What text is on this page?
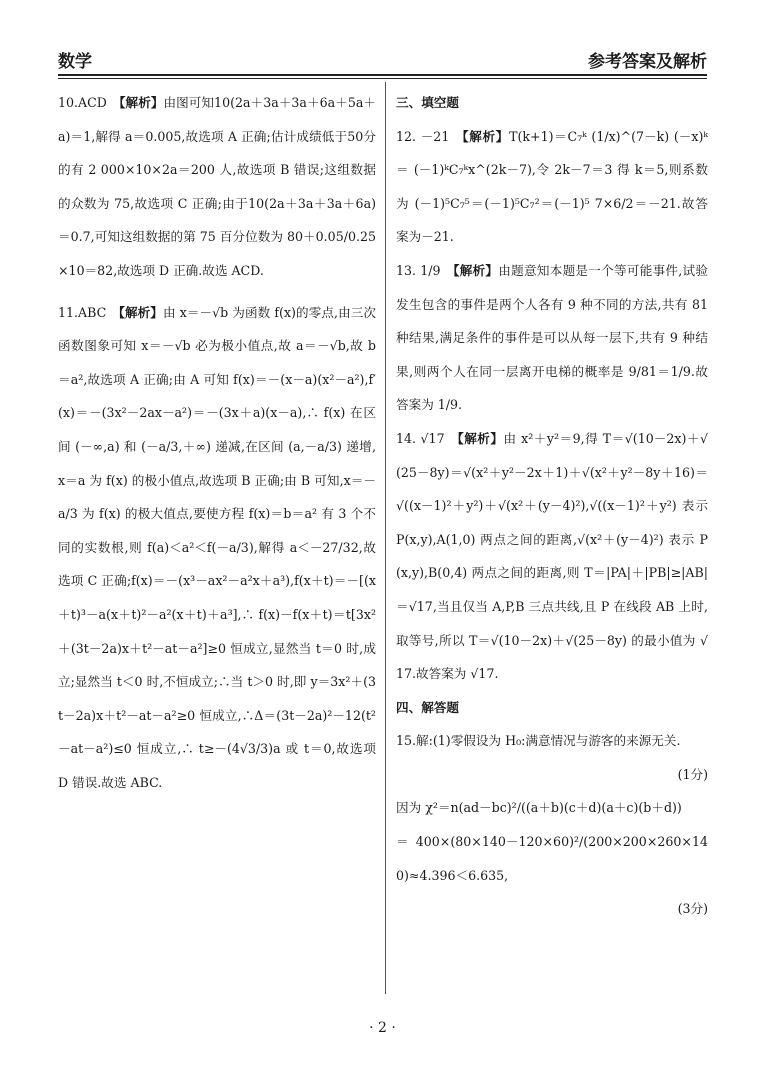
数学	参考答案及解析

10.ACD 【解析】由图可知10(2a＋3a＋3a＋6a＋5a＋a)＝1,解得 a＝0.005,故选项 A 正确;估计成绩低于50分的有 2 000×10×2a＝200 人,故选项 B 错误;这组数据的众数为 75,故选项 C 正确;由于10(2a＋3a＋3a＋6a)＝0.7,可知这组数据的第 75 百分位数为 80＋0.05/0.25×10＝82,故选项 D 正确.故选 ACD.

11.ABC 【解析】由 x＝－√b 为函数 f(x)的零点,由三次函数图象可知 x＝－√b 必为极小值点,故 a＝－√b,故 b＝a²,故选项 A 正确;由 A 可知 f(x)＝－(x－a)(x²－a²),f′(x)＝－(3x²－2ax－a²)＝－(3x＋a)(x－a),∴ f(x) 在区间 (－∞,a) 和 (－a/3,＋∞) 递减,在区间 (a,－a/3) 递增,x＝a 为 f(x) 的极小值点,故选项 B 正确;由 B 可知,x＝－a/3 为 f(x) 的极大值点,要使方程 f(x)＝b＝a² 有 3 个不同的实数根,则 f(a)＜a²＜f(－a/3),解得 a＜－27/32,故选项 C 正确;f(x)＝－(x³－ax²－a²x＋a³),f(x＋t)＝－[(x＋t)³－a(x＋t)²－a²(x＋t)＋a³],∴ f(x)－f(x＋t)＝t[3x²＋(3t－2a)x＋t²－at－a²]≥0 恒成立,显然当 t＝0 时,成立;显然当 t＜0 时,不恒成立;∴当 t＞0 时,即 y＝3x²＋(3t－2a)x＋t²－at－a²≥0 恒成立,∴Δ＝(3t－2a)²－12(t²－at－a²)≤0 恒成立,∴ t≥－(4√3/3)a 或 t＝0,故选项 D 错误.故选 ABC.

三、填空题

12. －21 【解析】T(k+1)＝C₇ᵏ (1/x)^(7－k) (－x)ᵏ ＝ (－1)ᵏC₇ᵏx^(2k－7),令 2k－7＝3 得 k＝5,则系数为 (－1)⁵C₇⁵＝(－1)⁵C₇²＝(－1)⁵ 7×6/2＝－21.故答案为－21.

13. 1/9 【解析】由题意知本题是一个等可能事件,试验发生包含的事件是两个人各有 9 种不同的方法,共有 81 种结果,满足条件的事件是可以从每一层下,共有 9 种结果,则两个人在同一层离开电梯的概率是 9/81＝1/9.故答案为 1/9.

14. √17 【解析】由 x²＋y²＝9,得 T＝√(10－2x)＋√(25－8y)＝√(x²＋y²－2x＋1)＋√(x²＋y²－8y＋16)＝√((x－1)²＋y²)＋√(x²＋(y－4)²),√((x－1)²＋y²) 表示 P(x,y),A(1,0) 两点之间的距离,√(x²＋(y－4)²) 表示 P(x,y),B(0,4) 两点之间的距离,则 T＝|PA|＋|PB|≥|AB|＝√17,当且仅当 A,P,B 三点共线,且 P 在线段 AB 上时,取等号,所以 T＝√(10－2x)＋√(25－8y) 的最小值为 √17.故答案为 √17.

四、解答题

15.解:(1)零假设为 H₀:满意情况与游客的来源无关.

(1分)

因为 χ²＝n(ad－bc)²/((a＋b)(c＋d)(a＋c)(b＋d))

＝400×(80×140－120×60)²/(200×200×260×140)≈4.396＜6.635,

(3分)

· 2 ·
